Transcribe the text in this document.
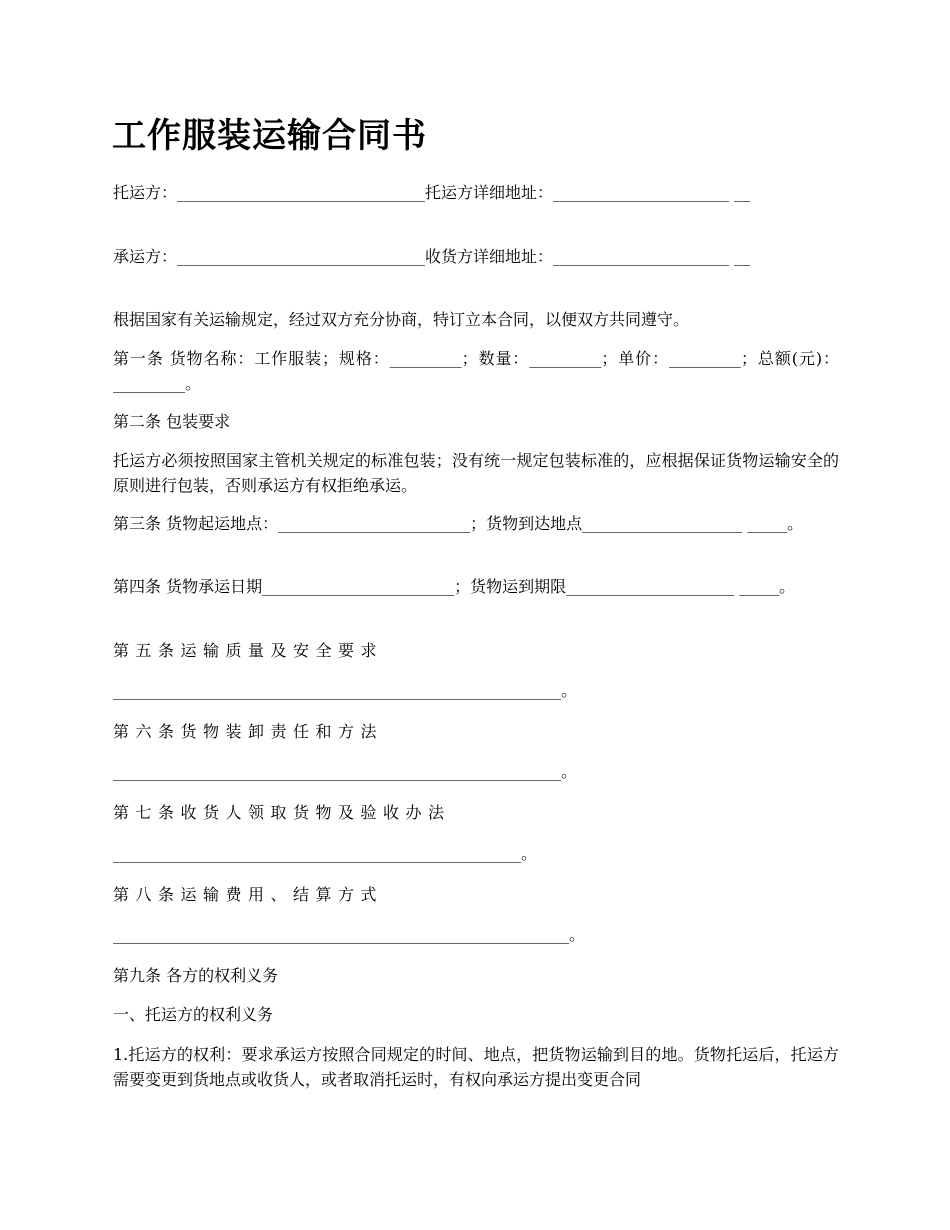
工作服装运输合同书

托运方：_______________________________托运方详细地址：______________________ __

承运方：_______________________________收货方详细地址：______________________ __

根据国家有关运输规定，经过双方充分协商，特订立本合同，以便双方共同遵守。

第一条 货物名称：工作服装；规格：_________；数量：_________；单价：_________；总额(元)：_________。

第二条 包装要求

托运方必须按照国家主管机关规定的标准包装；没有统一规定包装标准的，应根据保证货物运输安全的原则进行包装，否则承运方有权拒绝承运。

第三条 货物起运地点：________________________；货物到达地点____________________ _____。

第四条 货物承运日期________________________；货物运到期限_____________________ _____。

第五条运输质量及安全要求

________________________________________________________。

第六条货物装卸责任和方法

________________________________________________________。

第七条收货人领取货物及验收办法

___________________________________________________。

第八条运输费用、结算方式

_________________________________________________________。

第九条 各方的权利义务

一、托运方的权利义务

1.托运方的权利：要求承运方按照合同规定的时间、地点，把货物运输到目的地。货物托运后，托运方需要变更到货地点或收货人，或者取消托运时，有权向承运方提出变更合同
